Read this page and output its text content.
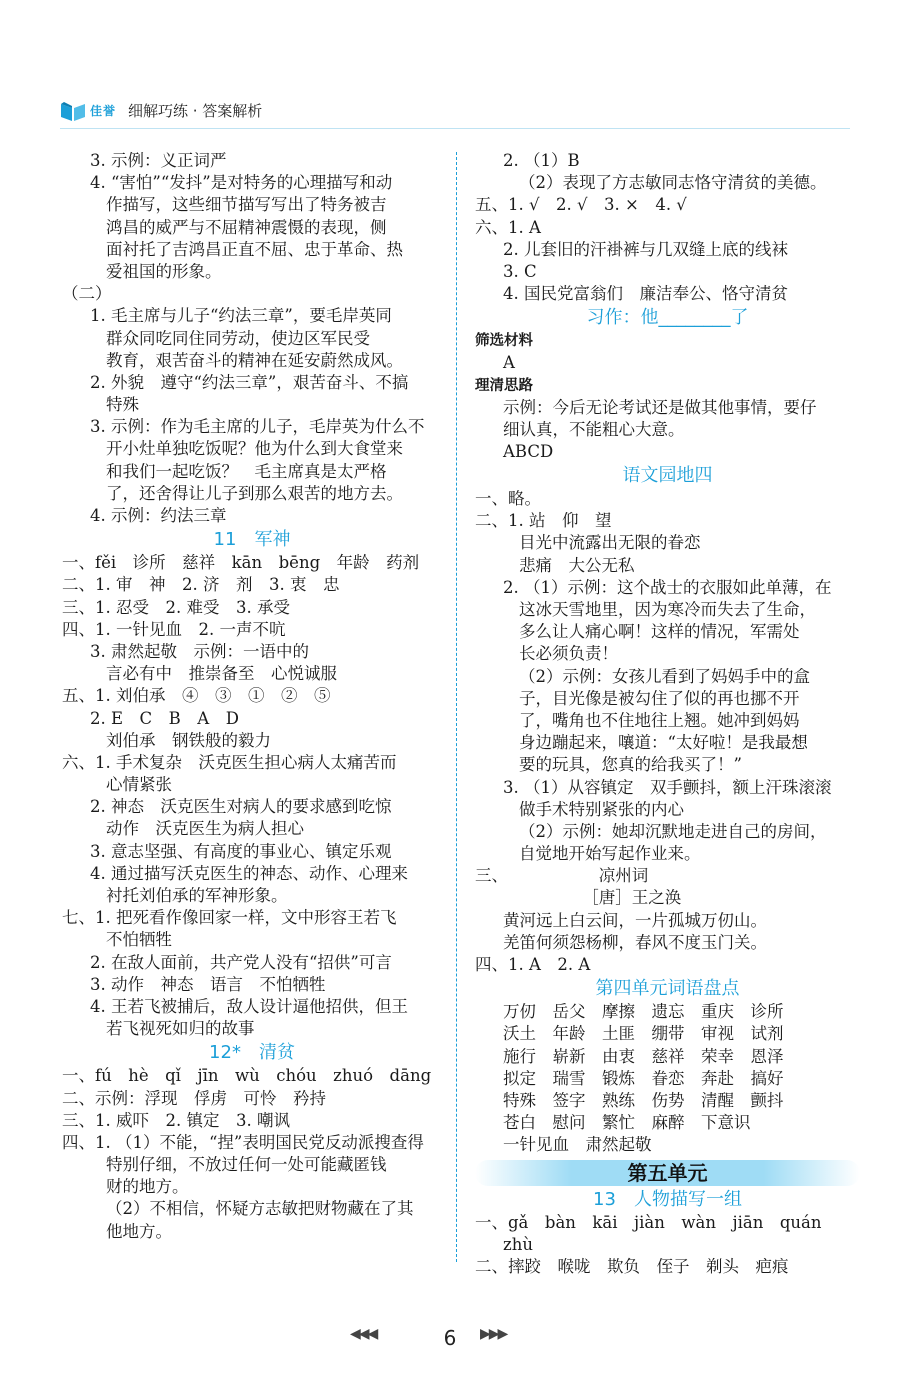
佳誉 细解巧练 · 答案解析
3. 示例：义正词严
4. “害怕”“发抖”是对特务的心理描写和动
作描写，这些细节描写写出了特务被吉
鸿昌的威严与不屈精神震慑的表现，侧
面衬托了吉鸿昌正直不屈、忠于革命、热
爱祖国的形象。
（二）
1. 毛主席与儿子“约法三章”，要毛岸英同
群众同吃同住同劳动，使边区军民受
教育，艰苦奋斗的精神在延安蔚然成风。
2. 外貌　遵守“约法三章”，艰苦奋斗、不搞
特殊
3. 示例：作为毛主席的儿子，毛岸英为什么不
开小灶单独吃饭呢？他为什么到大食堂来
和我们一起吃饭？　毛主席真是太严格
了，还舍得让儿子到那么艰苦的地方去。
4. 示例：约法三章
11　军神
一、fěi　诊所　慈祥　kān　bēng　年龄　药剂
二、1. 审　神　2. 济　剂　3. 衷　忠
三、1. 忍受　2. 难受　3. 承受
四、1. 一针见血　2. 一声不吭
3. 肃然起敬　示例：一语中的
言必有中　推崇备至　心悦诚服
五、1. 刘伯承　④　③　①　②　⑤
2. E　C　B　A　D
刘伯承　钢铁般的毅力
六、1. 手术复杂　沃克医生担心病人太痛苦而
心情紧张
2. 神态　沃克医生对病人的要求感到吃惊
动作　沃克医生为病人担心
3. 意志坚强、有高度的事业心、镇定乐观
4. 通过描写沃克医生的神态、动作、心理来
衬托刘伯承的军神形象。
七、1. 把死看作像回家一样，文中形容王若飞
不怕牺牲
2. 在敌人面前，共产党人没有“招供”可言
3. 动作　神态　语言　不怕牺牲
4. 王若飞被捕后，敌人设计逼他招供，但王
若飞视死如归的故事
12*　清贫
一、fú　hè　qǐ　jīn　wù　chóu　zhuó　dāng
二、示例：浮现　俘虏　可怜　矜持
三、1. 威吓　2. 镇定　3. 嘲讽
四、1. （1）不能，“捏”表明国民党反动派搜查得
特别仔细，不放过任何一处可能藏匿钱
财的地方。
（2）不相信，怀疑方志敏把财物藏在了其
他地方。
2. （1）B
（2）表现了方志敏同志恪守清贫的美德。
五、1. √　2. √　3. ×　4. √
六、1. A
2. 儿套旧的汗褂裤与几双缝上底的线袜
3. C
4. 国民党富翁们　廉洁奉公、恪守清贫
习作：他________了
筛选材料
A
理清思路
示例：今后无论考试还是做其他事情，要仔
细认真，不能粗心大意。
ABCD
语文园地四
一、略。
二、1. 站　仰　望
目光中流露出无限的眷恋
悲痛　大公无私
2. （1）示例：这个战士的衣服如此单薄，在
这冰天雪地里，因为寒冷而失去了生命，
多么让人痛心啊！这样的情况，军需处
长必须负责！
（2）示例：女孩儿看到了妈妈手中的盒
子，目光像是被勾住了似的再也挪不开
了，嘴角也不住地往上翘。她冲到妈妈
身边蹦起来，嚷道：“太好啦！是我最想
要的玩具，您真的给我买了！”
3. （1）从容镇定　双手颤抖，额上汗珠滚滚
做手术特别紧张的内心
（2）示例：她却沉默地走进自己的房间，
自觉地开始写起作业来。
三、　　　　　　凉州词
　　　　　　　［唐］王之涣
黄河远上白云间，一片孤城万仞山。
羌笛何须怨杨柳，春风不度玉门关。
四、1. A　2. A
第四单元词语盘点
万仞　岳父　摩擦　遗忘　重庆　诊所
沃土　年龄　土匪　绷带　审视　试剂
施行　崭新　由衷　慈祥　荣幸　恩泽
拟定　瑞雪　锻炼　眷恋　奔赴　搞好
特殊　签字　熟练　伤势　清醒　颤抖
苍白　慰问　繁忙　麻醉　下意识
一针见血　肃然起敬
第五单元
13　人物描写一组
一、gǎ　bàn　kāi　jiàn　wàn　jiān　quán
zhù
二、摔跤　喉咙　欺负　侄子　剃头　疤痕
◀◀◀	6	▶▶▶
